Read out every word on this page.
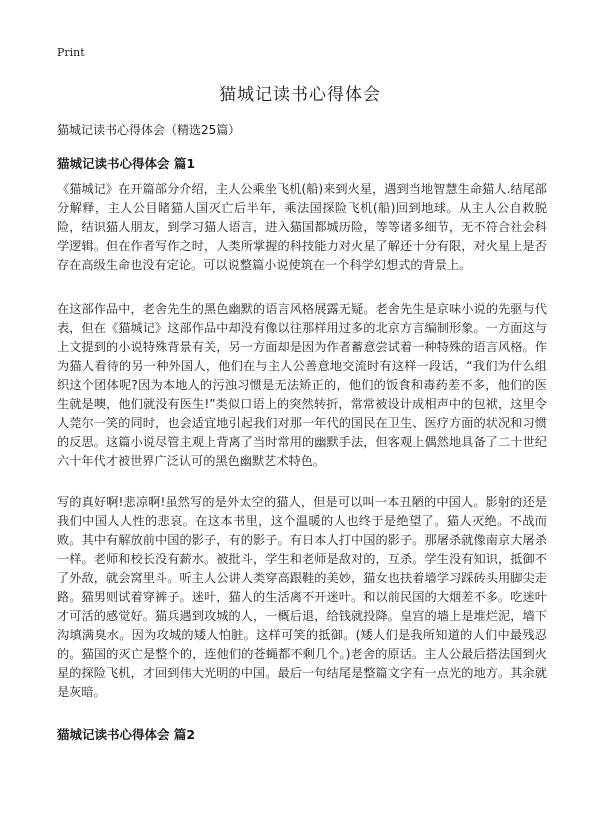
Print
猫城记读书心得体会

猫城记读书心得体会（精选25篇）

猫城记读书心得体会 篇1

《猫城记》在开篇部分介绍，主人公乘坐飞机(船)来到火星，遇到当地智慧生命猫人.结尾部分解释，主人公目睹猫人国灭亡后半年，乘法国探险飞机(船)回到地球。从主人公自救脱险，结识猫人朋友，到学习猫人语言，进入猫国都城历险，等等诸多细节，无不符合社会科学逻辑。但在作者写作之时，人类所掌握的科技能力对火星了解还十分有限，对火星上是否存在高级生命也没有定论。可以说整篇小说使筑在一个科学幻想式的背景上。

在这部作品中，老舍先生的黑色幽默的语言风格展露无疑。老舍先生是京味小说的先驱与代表，但在《猫城记》这部作品中却没有像以往那样用过多的北京方言编制形象。一方面这与上文提到的小说特殊背景有关，另一方面却是因为作者蓄意尝试着一种特殊的语言风格。作为猫人看待的另一种外国人，他们在与主人公善意地交流时有这样一段话，“我们为什么组织这个团体呢?因为本地人的污浊习惯是无法矫正的，他们的饭食和毒药差不多，他们的医生就是噢，他们就没有医生!”类似口语上的突然转折，常常被设计成相声中的包袱，这里令人莞尔一笑的同时，也会适宜地引起我们对那一年代的国民在卫生、医疗方面的状况和习惯的反思。这篇小说尽管主观上背离了当时常用的幽默手法，但客观上偶然地具备了二十世纪六十年代才被世界广泛认可的黑色幽默艺术特色。

写的真好啊!悲凉啊!虽然写的是外太空的猫人，但是可以叫一本丑陋的中国人。影射的还是我们中国人人性的悲哀。在这本书里，这个温暖的人也终于是绝望了。猫人灭绝。不战而败。其中有解放前中国的影子，有的影子。有日本人打中国的影子。那屠杀就像南京大屠杀一样。老师和校长没有薪水。被批斗，学生和老师是敌对的，互杀。学生没有知识，抵御不了外敌，就会窝里斗。听主人公讲人类穿高跟鞋的美妙，猫女也扶着墙学习踩砖头用脚尖走路。猫男则试着穿裤子。迷叶，猫人的生活离不开迷叶。和以前民国的大烟差不多。吃迷叶才可活的感觉好。猫兵遇到攻城的人，一概后退，给钱就投降。皇宫的墙上是堆烂泥，墙下沟填满臭水。因为攻城的矮人怕脏。这样可笑的抵御。(矮人们是我所知道的人们中最残忍的。猫国的灭亡是整个的，连他们的苍蝇都不剩几个。)老舍的原话。主人公最后搭法国到火星的探险飞机，才回到伟大光明的中国。最后一句结尾是整篇文字有一点光的地方。其余就是灰暗。

猫城记读书心得体会 篇2
